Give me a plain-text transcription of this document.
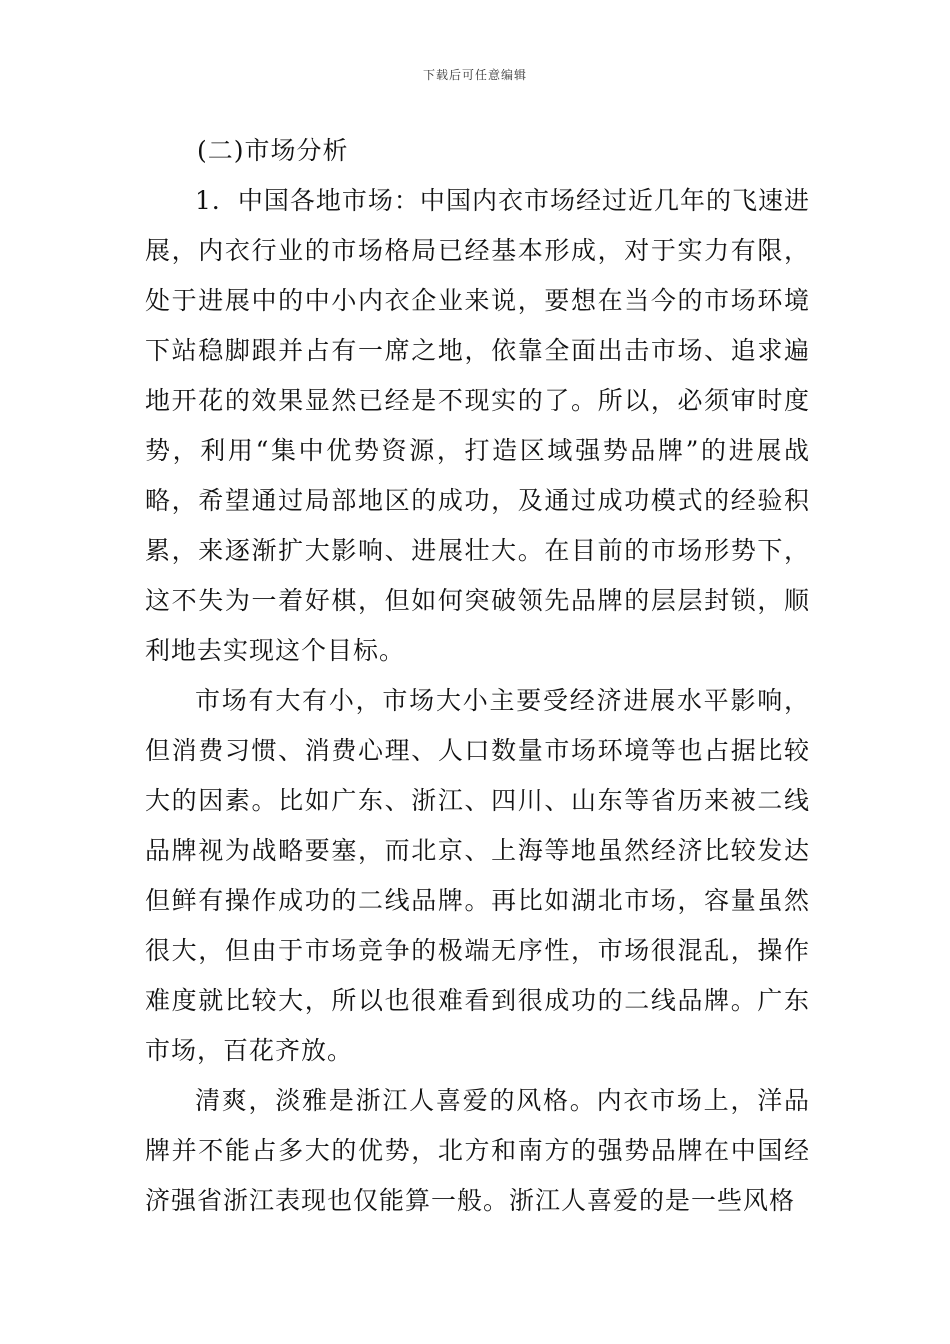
下载后可任意编辑
(二)市场分析

1．中国各地市场：中国内衣市场经过近几年的飞速进展，内衣行业的市场格局已经基本形成，对于实力有限，处于进展中的中小内衣企业来说，要想在当今的市场环境下站稳脚跟并占有一席之地，依靠全面出击市场、追求遍地开花的效果显然已经是不现实的了。所以，必须审时度势，利用“集中优势资源，打造区域强势品牌”的进展战略，希望通过局部地区的成功，及通过成功模式的经验积累，来逐渐扩大影响、进展壮大。在目前的市场形势下，这不失为一着好棋，但如何突破领先品牌的层层封锁，顺利地去实现这个目标。

市场有大有小，市场大小主要受经济进展水平影响，但消费习惯、消费心理、人口数量市场环境等也占据比较大的因素。比如广东、浙江、四川、山东等省历来被二线品牌视为战略要塞，而北京、上海等地虽然经济比较发达但鲜有操作成功的二线品牌。再比如湖北市场，容量虽然很大，但由于市场竞争的极端无序性，市场很混乱，操作难度就比较大，所以也很难看到很成功的二线品牌。广东市场，百花齐放。

清爽，淡雅是浙江人喜爱的风格。内衣市场上，洋品牌并不能占多大的优势，北方和南方的强势品牌在中国经济强省浙江表现也仅能算一般。浙江人喜爱的是一些风格
